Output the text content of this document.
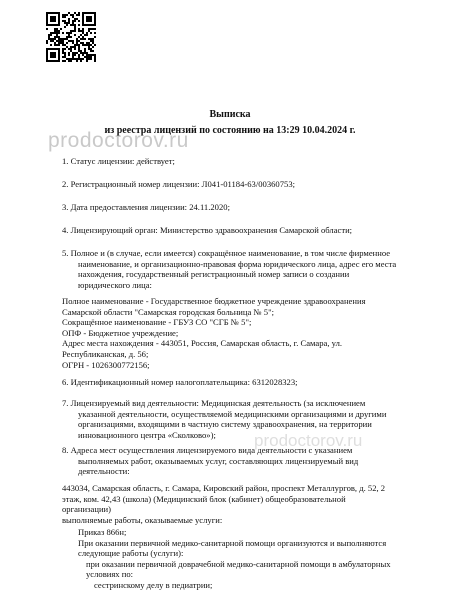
prodoctorov.ru
prodoctorov.ru
Выписка
из реестра лицензий по состоянию на 13:29 10.04.2024 г.
1. Статус лицензии: действует;
2. Регистрационный номер лицензии: Л041-01184-63/00360753;
3. Дата предоставления лицензии: 24.11.2020;
4. Лицензирующий орган: Министерство здравоохранения Самарской области;
5. Полное и (в случае, если имеется) сокращённое наименование, в том числе фирменное
наименование, и организационно-правовая форма юридического лица, адрес его места
нахождения, государственный регистрационный номер записи о создании
юридического лица:
Полное наименование - Государственное бюджетное учреждение здравоохранения
Самарской области "Самарская городская больница № 5";
Сокращённое наименование - ГБУЗ СО "СГБ № 5";
ОПФ - Бюджетное учреждение;
Адрес места нахождения - 443051, Россия, Самарская область, г. Самара, ул.
Республиканская, д. 56;
ОГРН - 1026300772156;
6. Идентификационный номер налогоплательщика: 6312028323;
7. Лицензируемый вид деятельности: Медицинская деятельность (за исключением
указанной деятельности, осуществляемой медицинскими организациями и другими
организациями, входящими в частную систему здравоохранения, на территории
инновационного центра «Сколково»);
8. Адреса мест осуществления лицензируемого вида деятельности с указанием
выполняемых работ, оказываемых услуг, составляющих лицензируемый вид
деятельности:
443034, Самарская область, г. Самара, Кировский район, проспект Металлургов, д. 52, 2
этаж, ком. 42,43 (школа) (Медицинский блок (кабинет) общеобразовательной
организации)
выполняемые работы, оказываемые услуги:
Приказ 866н;
При оказании первичной медико-санитарной помощи организуются и выполняются
следующие работы (услуги):
при оказании первичной доврачебной медико-санитарной помощи в амбулаторных
условиях по:
сестринскому делу в педиатрии;
